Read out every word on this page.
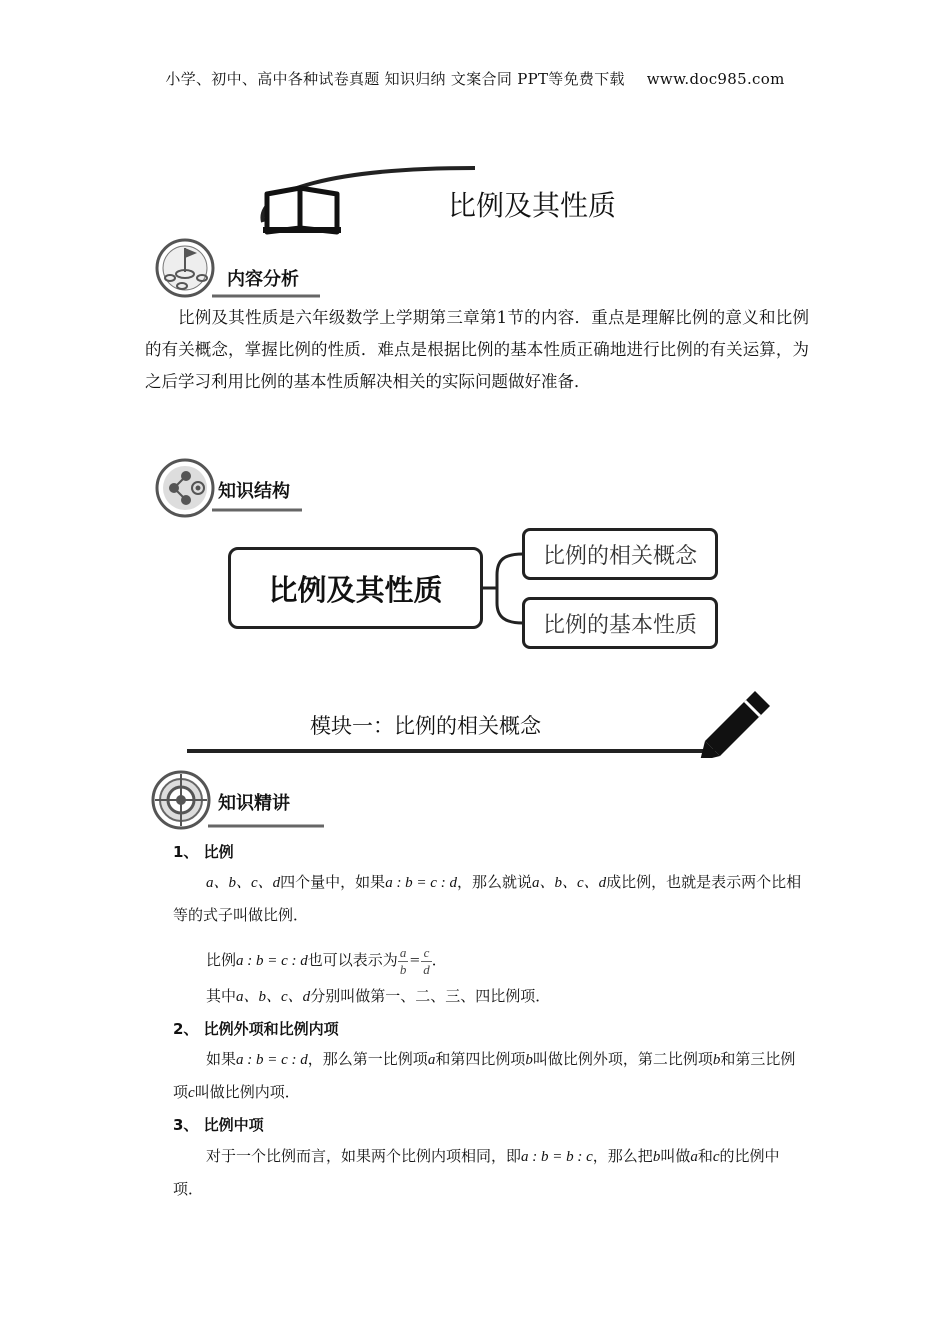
小学、初中、高中各种试卷真题 知识归纳 文案合同 PPT等免费下载 www.doc985.com
比例及其性质
内容分析
比例及其性质是六年级数学上学期第三章第1节的内容．重点是理解比例的意义和比例的有关概念，掌握比例的性质．难点是根据比例的基本性质正确地进行比例的有关运算，为之后学习利用比例的基本性质解决相关的实际问题做好准备．
知识结构
比例及其性质
比例的相关概念
比例的基本性质
模块一：比例的相关概念
知识精讲
1、 比例
a、b、c、d四个量中，如果a : b = c : d，那么就说a、b、c、d成比例，也就是表示两个比相等的式子叫做比例．
比例a : b = c : d也可以表示为 $\frac{a}{b} = \frac{c}{d}$ ．
其中a、b、c、d分别叫做第一、二、三、四比例项．
2、 比例外项和比例内项
如果a : b = c : d，那么第一比例项a和第四比例项b叫做比例外项，第二比例项b和第三比例项c叫做比例内项．
3、 比例中项
对于一个比例而言，如果两个比例内项相同，即a : b = b : c，那么把b叫做a和c的比例中项．
